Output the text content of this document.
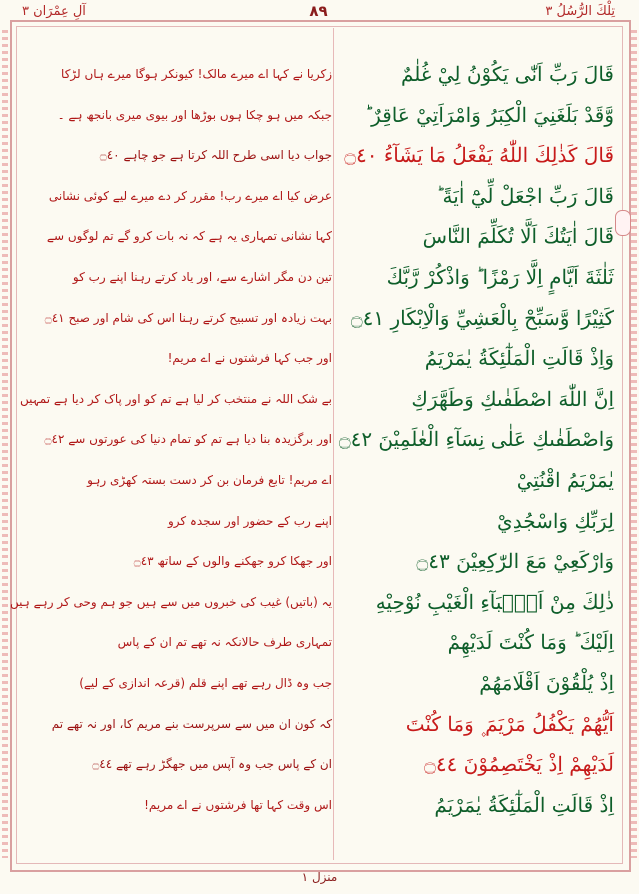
تِلْكَ الرُّسُلُ ٣
٨٩
آلِ عِمْرَان ٣
قَالَ رَبِّ اَنّٰى يَكُوْنُ لِيْ غُلٰمٌ
زکریا نے کہا اے میرے مالک! کیونکر ہوگا میرے ہاں لڑکا
وَّقَدْ بَلَغَنِيَ الْكِبَرُ وَامْرَاَتِيْ عَاقِرٌ ؕ
جبکہ میں ہو چکا ہوں بوڑھا اور بیوی میری بانجھ ہے ۔
قَالَ كَذٰلِكَ اللّٰهُ يَفْعَلُ مَا يَشَآءُ ۝٤٠
جواب دیا اسی طرح اللہ کرتا ہے جو چاہے ۝٤٠
قَالَ رَبِّ اجْعَلْ لِّيْٓ اٰيَةً ؕ
عرض کیا اے میرے رب! مقرر کر دے میرے لیے کوئی نشانی
قَالَ اٰيَتُكَ اَلَّا تُكَلِّمَ النَّاسَ
کہا نشانی تمہاری یہ ہے کہ نہ بات کرو گے تم لوگوں سے
ثَلٰثَةَ اَيَّامٍ اِلَّا رَمْزًا ؕ وَاذْكُرْ رَّبَّكَ
تین دن مگر اشارے سے، اور یاد کرتے رہنا اپنے رب کو
كَثِيْرًا وَّسَبِّحْ بِالْعَشِيِّ وَالْاِبْكَارِ ۝٤١
بہت زیادہ اور تسبیح کرتے رہنا اس کی شام اور صبح ۝٤١
وَاِذْ قَالَتِ الْمَلٰٓئِكَةُ يٰمَرْيَمُ
اور جب کہا فرشتوں نے اے مریم!
اِنَّ اللّٰهَ اصْطَفٰىكِ وَطَهَّرَكِ
بے شک اللہ نے منتخب کر لیا ہے تم کو اور پاک کر دیا ہے تمہیں
وَاصْطَفٰىكِ عَلٰى نِسَآءِ الْعٰلَمِيْنَ ۝٤٢
اور برگزیدہ بنا دیا ہے تم کو تمام دنیا کی عورتوں سے ۝٤٢
يٰمَرْيَمُ اقْنُتِيْ
اے مریم! تابع فرمان بن کر دست بستہ کھڑی رہو
لِرَبِّكِ وَاسْجُدِيْ
اپنے رب کے حضور اور سجدہ کرو
وَارْكَعِيْ مَعَ الرّٰكِعِيْنَ ۝٤٣
اور جھکا کرو جھکنے والوں کے ساتھ ۝٤٣
ذٰلِكَ مِنْ اَنْۢبَآءِ الْغَيْبِ نُوْحِيْهِ
یہ (باتیں) غیب کی خبروں میں سے ہیں جو ہم وحی کر رہے ہیں
اِلَيْكَ ؕ وَمَا كُنْتَ لَدَيْهِمْ
تمہاری طرف حالانکہ نہ تھے تم ان کے پاس
اِذْ يُلْقُوْنَ اَقْلَامَهُمْ
جب وہ ڈال رہے تھے اپنے قلم (قرعہ اندازی کے لیے)
اَيُّهُمْ يَكْفُلُ مَرْيَمَ ۪ وَمَا كُنْتَ
کہ کون ان میں سے سرپرست بنے مریم کا، اور نہ تھے تم
لَدَيْهِمْ اِذْ يَخْتَصِمُوْنَ ۝٤٤
ان کے پاس جب وہ آپس میں جھگڑ رہے تھے ۝٤٤
اِذْ قَالَتِ الْمَلٰٓئِكَةُ يٰمَرْيَمُ
اس وقت کہا تھا فرشتوں نے اے مریم!
منزل ١
